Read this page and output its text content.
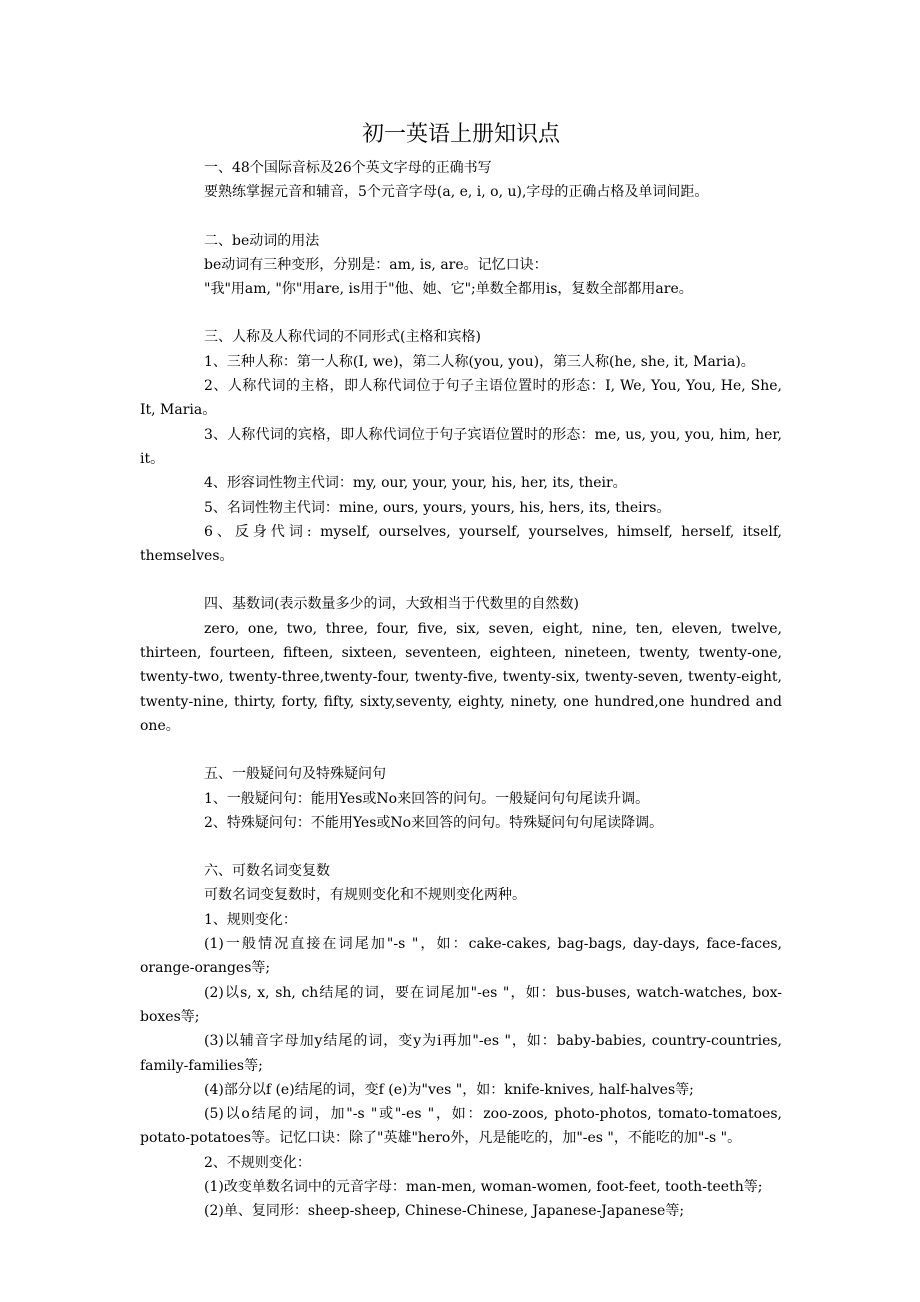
初一英语上册知识点
一、48个国际音标及26个英文字母的正确书写
要熟练掌握元音和辅音，5个元音字母(a, e, i, o, u),字母的正确占格及单词间距。
二、be动词的用法
be动词有三种变形，分别是：am, is, are。记忆口诀：
"我"用am, "你"用are, is用于"他、她、它";单数全都用is，复数全部都用are。
三、人称及人称代词的不同形式(主格和宾格)
1、三种人称：第一人称(I, we)，第二人称(you, you)，第三人称(he, she, it, Maria)。
2、人称代词的主格，即人称代词位于句子主语位置时的形态：I, We, You, You, He, She, It, Maria。
3、人称代词的宾格，即人称代词位于句子宾语位置时的形态：me, us, you, you, him, her, it。
4、形容词性物主代词：my, our, your, your, his, her, its, their。
5、名词性物主代词：mine, ours, yours, yours, his, hers, its, theirs。
6、反身代词: myself, ourselves, yourself, yourselves, himself, herself, itself, themselves。
四、基数词(表示数量多少的词，大致相当于代数里的自然数)
zero, one, two, three, four, five, six, seven, eight, nine, ten, eleven, twelve, thirteen, fourteen, fifteen, sixteen, seventeen, eighteen, nineteen, twenty, twenty-one, twenty-two, twenty-three,twenty-four, twenty-five, twenty-six, twenty-seven, twenty-eight, twenty-nine, thirty, forty, fifty, sixty,seventy, eighty, ninety, one hundred,one hundred and one。
五、一般疑问句及特殊疑问句
1、一般疑问句：能用Yes或No来回答的问句。一般疑问句句尾读升调。
2、特殊疑问句：不能用Yes或No来回答的问句。特殊疑问句句尾读降调。
六、可数名词变复数
可数名词变复数时，有规则变化和不规则变化两种。
1、规则变化：
(1)一般情况直接在词尾加"-s "，如：cake-cakes, bag-bags, day-days, face-faces, orange-oranges等;
(2)以s, x, sh, ch结尾的词，要在词尾加"-es "，如：bus-buses, watch-watches, box-boxes等;
(3)以辅音字母加y结尾的词，变y为i再加"-es "，如：baby-babies, country-countries, family-families等;
(4)部分以f (e)结尾的词，变f (e)为"ves "，如：knife-knives, half-halves等;
(5)以o结尾的词，加"-s "或"-es "，如：zoo-zoos, photo-photos, tomato-tomatoes, potato-potatoes等。记忆口诀：除了"英雄"hero外，凡是能吃的，加"-es "，不能吃的加"-s "。
2、不规则变化：
(1)改变单数名词中的元音字母：man-men, woman-women, foot-feet, tooth-teeth等;
(2)单、复同形：sheep-sheep, Chinese-Chinese, Japanese-Japanese等;
